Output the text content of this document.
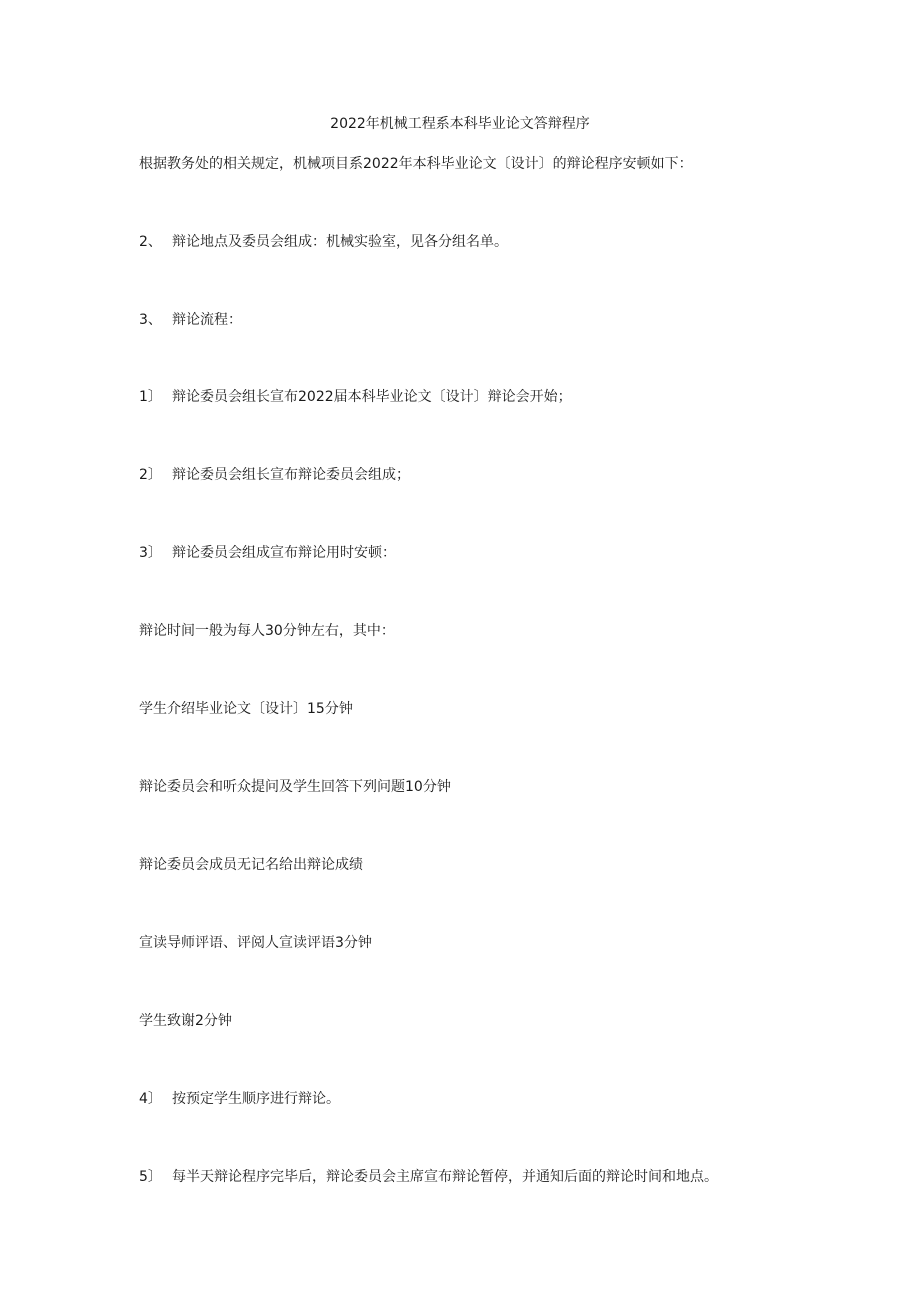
2022年机械工程系本科毕业论文答辩程序
根据教务处的相关规定，机械项目系2022年本科毕业论文〔设计〕的辩论程序安顿如下：
2、 辩论地点及委员会组成：机械实验室，见各分组名单。
3、 辩论流程：
1〕 辩论委员会组长宣布2022届本科毕业论文〔设计〕辩论会开始；
2〕 辩论委员会组长宣布辩论委员会组成；
3〕 辩论委员会组成宣布辩论用时安顿：
辩论时间一般为每人30分钟左右，其中：
学生介绍毕业论文〔设计〕15分钟
辩论委员会和听众提问及学生回答下列问题10分钟
辩论委员会成员无记名给出辩论成绩
宣读导师评语、评阅人宣读评语3分钟
学生致谢2分钟
4〕 按预定学生顺序进行辩论。
5〕 每半天辩论程序完毕后，辩论委员会主席宣布辩论暂停，并通知后面的辩论时间和地点。
